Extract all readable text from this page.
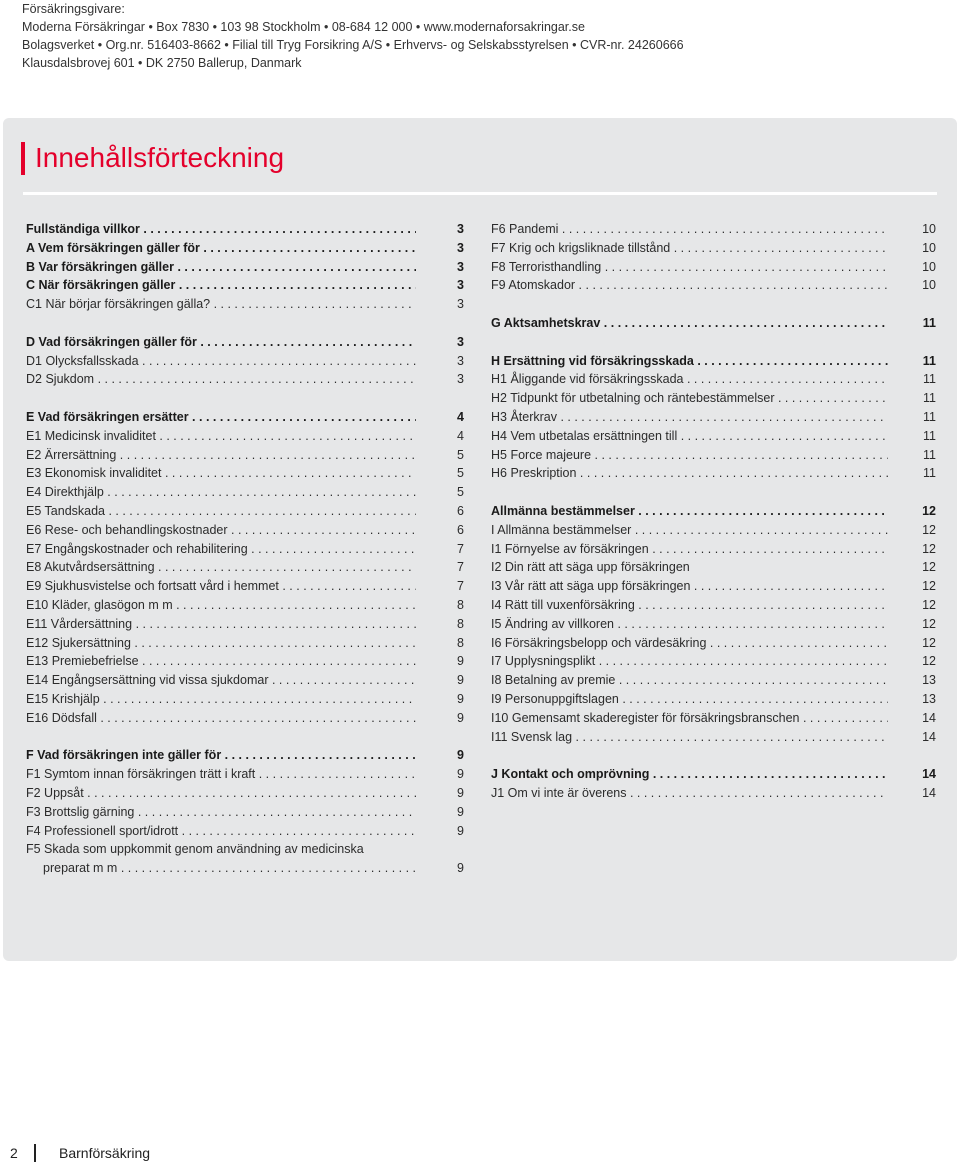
Försäkringsgivare:
Moderna Försäkringar • Box 7830 • 103 98 Stockholm • 08-684 12 000 • www.modernaforsakringar.se
Bolagsverket • Org.nr. 516403-8662 • Filial till Tryg Forsikring A/S • Erhvervs- og Selskabsstyrelsen • CVR-nr. 24260666
Klausdalsbrovej 601 • DK 2750 Ballerup, Danmark
Innehållsförteckning
Fullständiga villkor . . .	3
A Vem försäkringen gäller för . . .	3
B Var försäkringen gäller . . .	3
C När försäkringen gäller . . .	3
C1 När börjar försäkringen gälla? . . .	3
D Vad försäkringen gäller för . . .	3
D1 Olycksfallsskada . . .	3
D2 Sjukdom . . .	3
E Vad försäkringen ersätter . . .	4
E1 Medicinsk invaliditet . . .	4
E2 Ärrersättning . . .	5
E3 Ekonomisk invaliditet . . .	5
E4 Direkthjälp . . .	5
E5 Tandskada . . .	6
E6 Rese- och behandlingskostnader . . .	6
E7 Engångskostnader och rehabilitering . . .	7
E8 Akutvårdsersättning . . .	7
E9 Sjukhusvistelse och fortsatt vård i hemmet . . .	7
E10 Kläder, glasögon m m . . .	8
E11 Vårdersättning . . .	8
E12 Sjukersättning . . .	8
E13 Premiebefrielse . . .	9
E14 Engångsersättning vid vissa sjukdomar . . .	9
E15 Krishjälp . . .	9
E16 Dödsfall . . .	9
F Vad försäkringen inte gäller för . . .	9
F1 Symtom innan försäkringen trätt i kraft . . .	9
F2 Uppsåt . . .	9
F3 Brottslig gärning . . .	9
F4 Professionell sport/idrott . . .	9
F5 Skada som uppkommit genom användning av medicinska
preparat m m . . .	9
F6 Pandemi . . .	10
F7 Krig och krigsliknade tillstånd . . .	10
F8 Terroristhandling . . .	10
F9 Atomskador . . .	10
G Aktsamhetskrav . . .	11
H Ersättning vid försäkringsskada . . .	11
H1 Åliggande vid försäkringsskada . . .	11
H2 Tidpunkt för utbetalning och räntebestämmelser . . .	11
H3 Återkrav . . .	11
H4 Vem utbetalas ersättningen till . . .	11
H5 Force majeure . . .	11
H6 Preskription . . .	11
Allmänna bestämmelser . . .	12
I Allmänna bestämmelser . . .	12
I1 Förnyelse av försäkringen . . .	12
I2 Din rätt att säga upp försäkringen	12
I3 Vår rätt att säga upp försäkringen . . .	12
I4 Rätt till vuxenförsäkring . . .	12
I5 Ändring av villkoren . . .	12
I6 Försäkringsbelopp och värdesäkring . . .	12
I7 Upplysningsplikt . . .	12
I8 Betalning av premie . . .	13
I9 Personuppgiftslagen . . .	13
I10 Gemensamt skaderegister för försäkringsbranschen . . .	14
I11 Svensk lag . . .	14
J Kontakt och omprövning . . .	14
J1 Om vi inte är överens . . .	14
2	Barnförsäkring
